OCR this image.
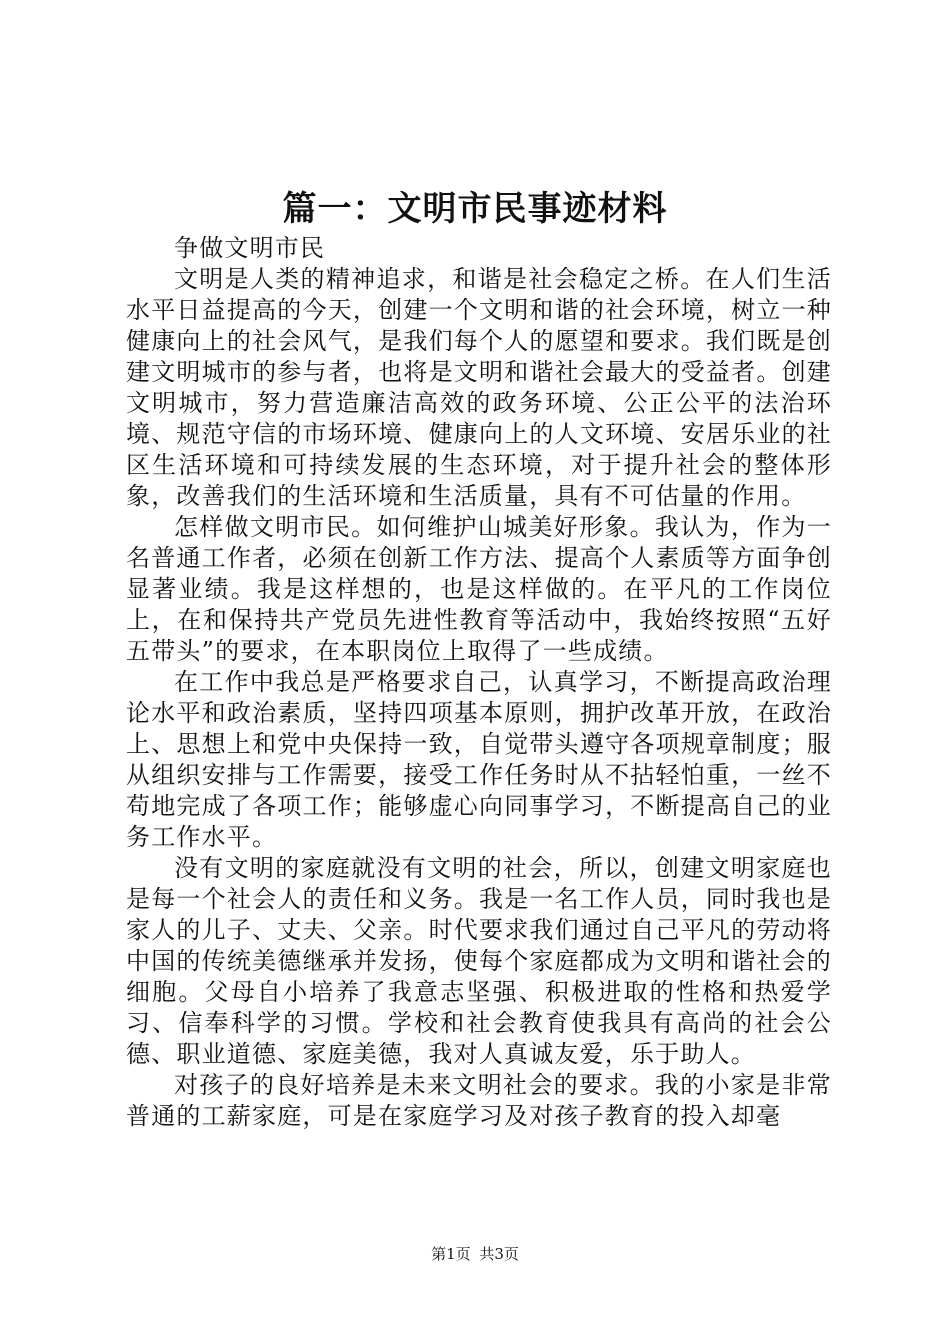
篇一：文明市民事迹材料

争做文明市民

文明是人类的精神追求，和谐是社会稳定之桥。在人们生活水平日益提高的今天，创建一个文明和谐的社会环境，树立一种健康向上的社会风气，是我们每个人的愿望和要求。我们既是创建文明城市的参与者，也将是文明和谐社会最大的受益者。创建文明城市，努力营造廉洁高效的政务环境、公正公平的法治环境、规范守信的市场环境、健康向上的人文环境、安居乐业的社区生活环境和可持续发展的生态环境，对于提升社会的整体形象，改善我们的生活环境和生活质量，具有不可估量的作用。

怎样做文明市民。如何维护山城美好形象。我认为，作为一名普通工作者，必须在创新工作方法、提高个人素质等方面争创显著业绩。我是这样想的，也是这样做的。在平凡的工作岗位上，在和保持共产党员先进性教育等活动中，我始终按照“五好五带头”的要求，在本职岗位上取得了一些成绩。

在工作中我总是严格要求自己，认真学习，不断提高政治理论水平和政治素质，坚持四项基本原则，拥护改革开放，在政治上、思想上和党中央保持一致，自觉带头遵守各项规章制度；服从组织安排与工作需要，接受工作任务时从不拈轻怕重，一丝不苟地完成了各项工作；能够虚心向同事学习，不断提高自己的业务工作水平。

没有文明的家庭就没有文明的社会，所以，创建文明家庭也是每一个社会人的责任和义务。我是一名工作人员，同时我也是家人的儿子、丈夫、父亲。时代要求我们通过自己平凡的劳动将中国的传统美德继承并发扬，使每个家庭都成为文明和谐社会的细胞。父母自小培养了我意志坚强、积极进取的性格和热爱学习、信奉科学的习惯。学校和社会教育使我具有高尚的社会公德、职业道德、家庭美德，我对人真诚友爱，乐于助人。

对孩子的良好培养是未来文明社会的要求。我的小家是非常普通的工薪家庭，可是在家庭学习及对孩子教育的投入却毫

第1页 共3页
